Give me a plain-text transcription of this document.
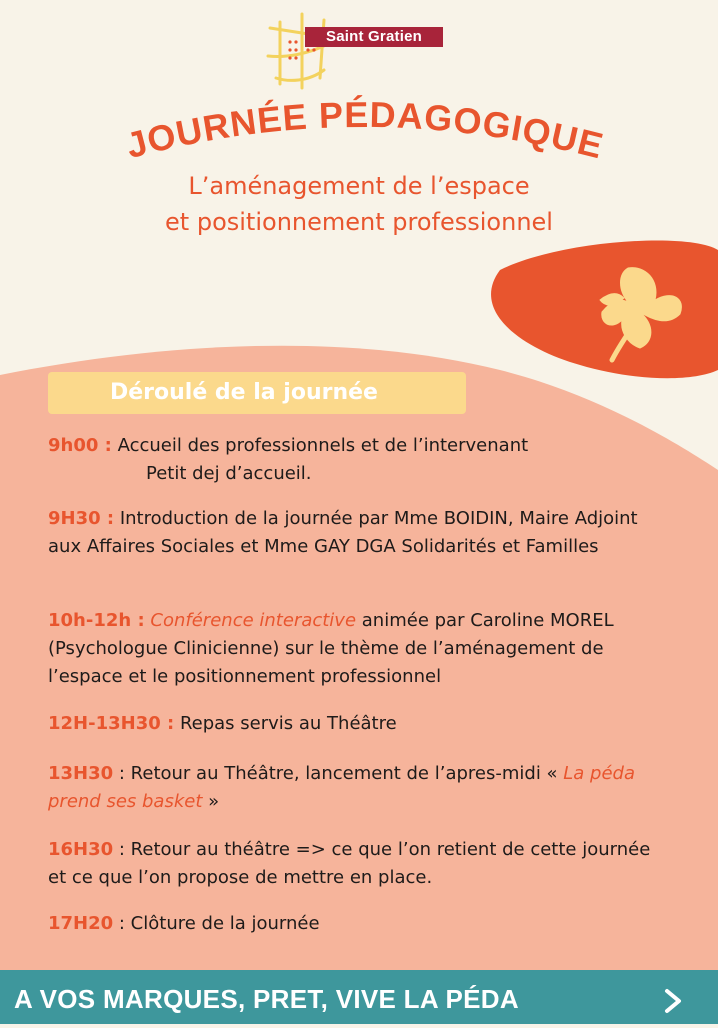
Saint Gratien
JOURNÉE PÉDAGOGIQUE
L’aménagement de l’espace
et positionnement professionnel
Déroulé de la journée
9h00 : Accueil des professionnels et de l’intervenant
Petit dej d’accueil.
9H30 : Introduction de la journée par Mme BOIDIN, Maire Adjoint aux Affaires Sociales et Mme GAY DGA Solidarités et Familles
10h-12h : Conférence interactive animée par Caroline MOREL (Psychologue Clinicienne) sur le thème de l’aménagement de l’espace et le positionnement professionnel
12H-13H30 : Repas servis au Théâtre
13H30 : Retour au Théâtre, lancement de l’apres-midi « La péda prend ses basket »
16H30 : Retour au théâtre => ce que l’on retient de cette journée et ce que l’on propose de mettre en place.
17H20 : Clôture de la journée
A VOS MARQUES, PRET, VIVE LA PÉDA
